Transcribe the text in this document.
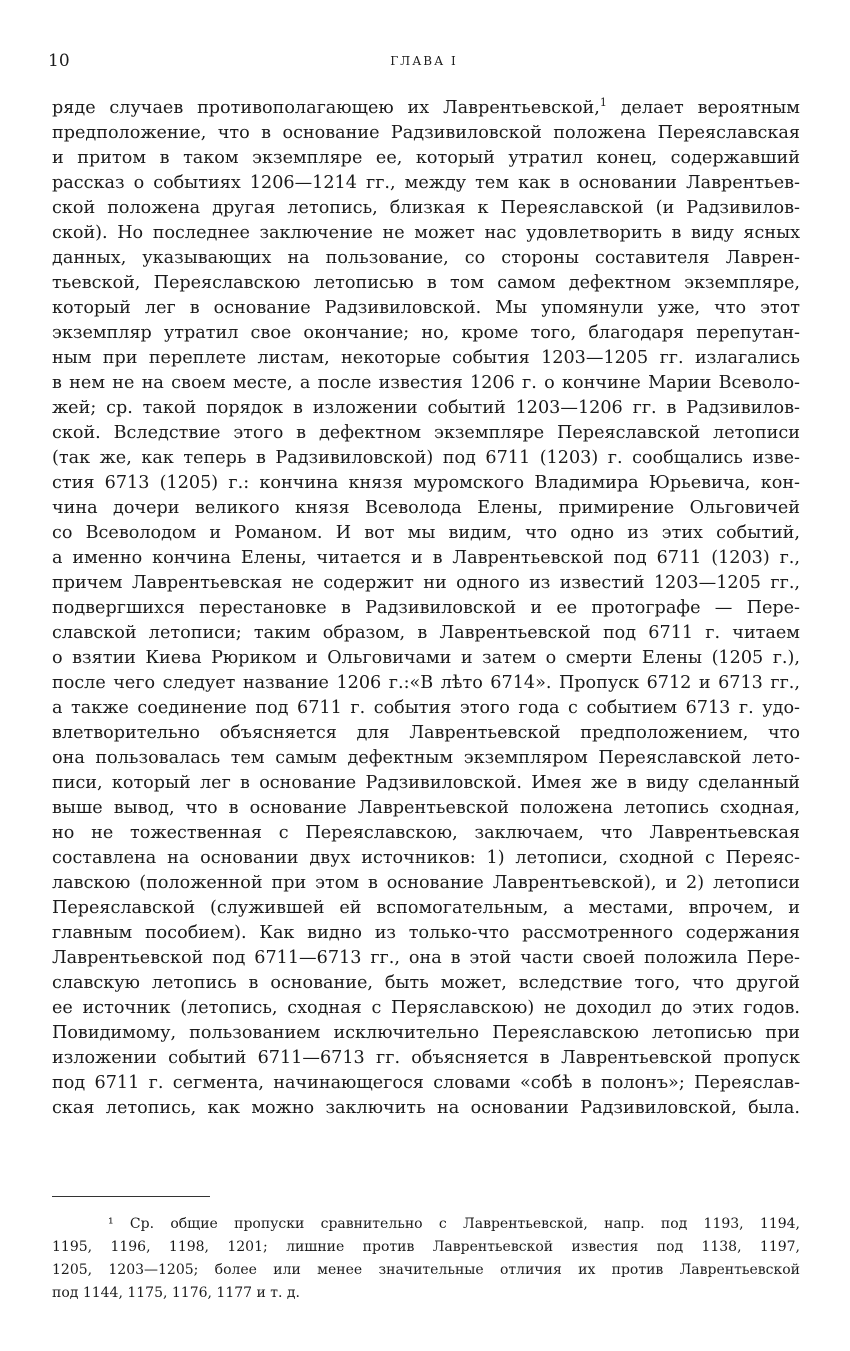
10	ГЛАВА I
ряде случаев противополагающею их Лаврентьевской,$^1$ делает вероятным
предположение, что в основание Радзивиловской положена Переяславская
и притом в таком экземпляре ее, который утратил конец, содержавший
рассказ о событиях 1206—1214 гг., между тем как в основании Лаврентьев-
ской положена другая летопись, близкая к Переяславской (и Радзивилов-
ской). Но последнее заключение не может нас удовлетворить в виду ясных
данных, указывающих на пользование, со стороны составителя Лаврен-
тьевской, Переяславскою летописью в том самом дефектном экземпляре,
который лег в основание Радзивиловской. Мы упомянули уже, что этот
экземпляр утратил свое окончание; но, кроме того, благодаря перепутан-
ным при переплете листам, некоторые события 1203—1205 гг. излагались
в нем не на своем месте, а после известия 1206 г. о кончине Марии Всеволо-
жей; ср. такой порядок в изложении событий 1203—1206 гг. в Радзивилов-
ской. Вследствие этого в дефектном экземпляре Переяславской летописи
(так же, как теперь в Радзивиловской) под 6711 (1203) г. сообщались изве-
стия 6713 (1205) г.: кончина князя муромского Владимира Юрьевича, кон-
чина дочери великого князя Всеволода Елены, примирение Ольговичей
со Всеволодом и Романом. И вот мы видим, что одно из этих событий,
а именно кончина Елены, читается и в Лаврентьевской под 6711 (1203) г.,
причем Лаврентьевская не содержит ни одного из известий 1203—1205 гг.,
подвергшихся перестановке в Радзивиловской и ее протографе — Пере-
славской летописи; таким образом, в Лаврентьевской под 6711 г. читаем
о взятии Киева Рюриком и Ольговичами и затем о смерти Елены (1205 г.),
после чего следует название 1206 г.:«В лѣто 6714». Пропуск 6712 и 6713 гг.,
а также соединение под 6711 г. события этого года с событием 6713 г. удо-
влетворительно объясняется для Лаврентьевской предположением, что
она пользовалась тем самым дефектным экземпляром Переяславской лето-
писи, который лег в основание Радзивиловской. Имея же в виду сделанный
выше вывод, что в основание Лаврентьевской положена летопись сходная,
но не тожественная с Переяславскою, заключаем, что Лаврентьевская
составлена на основании двух источников: 1) летописи, сходной с Переяс-
лавскою (положенной при этом в основание Лаврентьевской), и 2) летописи
Переяславской (служившей ей вспомогательным, а местами, впрочем, и
главным пособием). Как видно из только-что рассмотренного содержания
Лаврентьевской под 6711—6713 гг., она в этой части своей положила Пере-
славскую летопись в основание, быть может, вследствие того, что другой
ее источник (летопись, сходная с Перяславскою) не доходил до этих годов.
Повидимому, пользованием исключительно Переяславскою летописью при
изложении событий 6711—6713 гг. объясняется в Лаврентьевской пропуск
под 6711 г. сегмента, начинающегося словами «собѣ в полонъ»; Переяслав-
ская летопись, как можно заключить на основании Радзивиловской, была.
¹ Ср. общие пропуски сравнительно с Лаврентьевской, напр. под 1193, 1194,
1195, 1196, 1198, 1201; лишние против Лаврентьевской известия под 1138, 1197,
1205, 1203—1205; более или менее значительные отличия их против Лаврентьевской
под 1144, 1175, 1176, 1177 и т. д.
